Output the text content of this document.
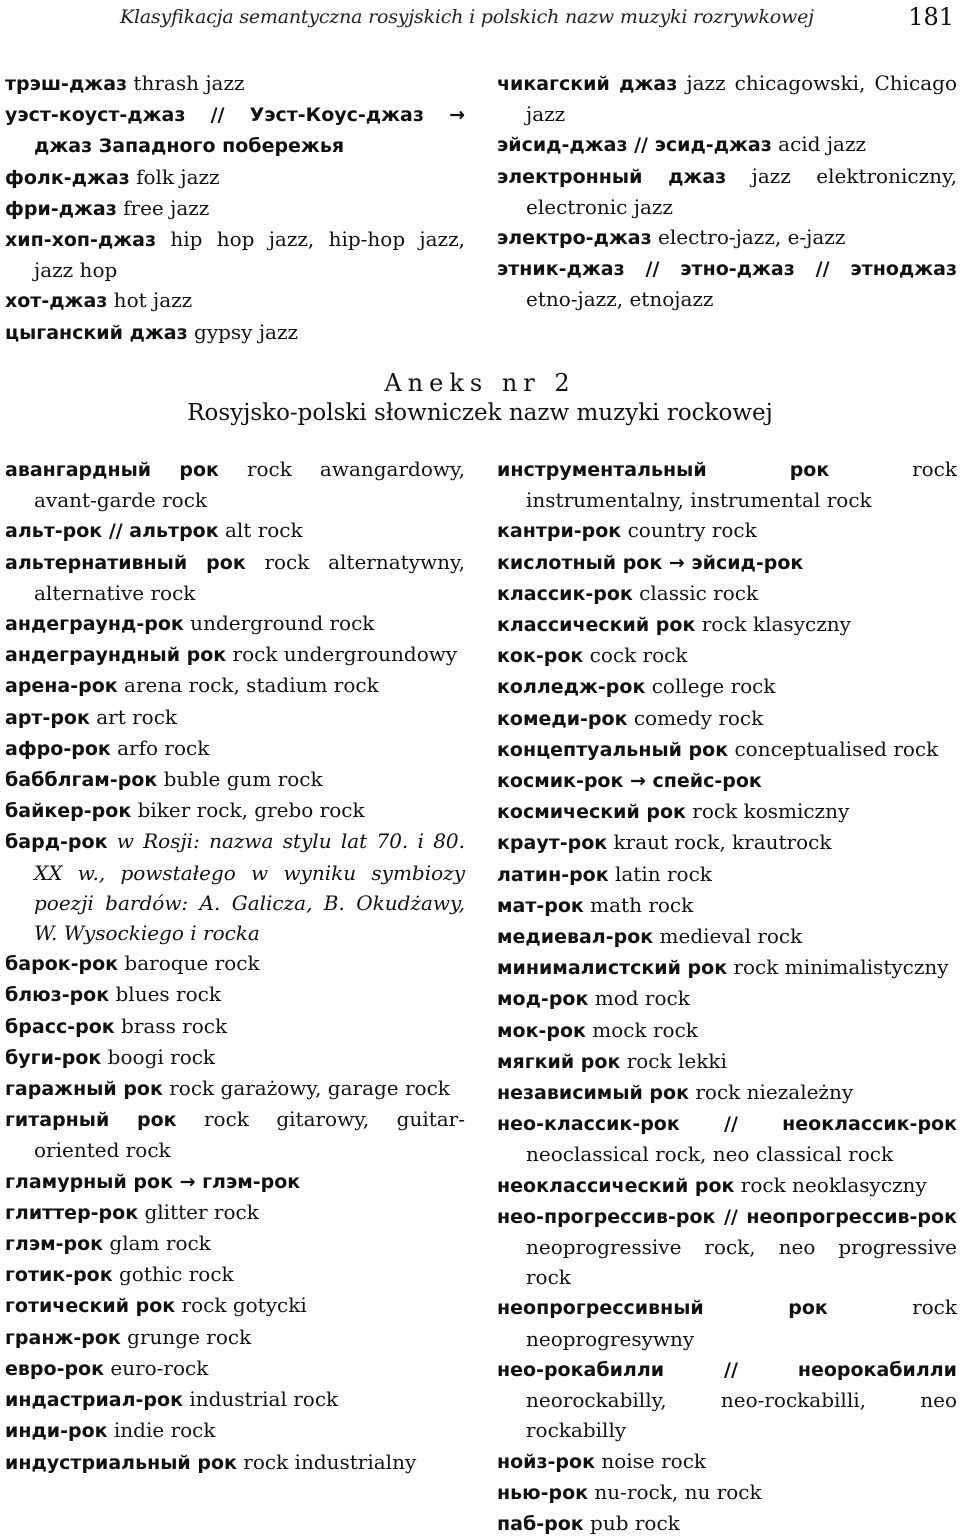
Klasyfikacja semantyczna rosyjskich i polskich nazw muzyki rozrywkowej	181
трэш-джаз thrash jazz
уэст-коуст-джаз // Уэст-Коус-джаз → джаз Западного побережья
фолк-джаз folk jazz
фри-джаз free jazz
хип-хоп-джаз hip hop jazz, hip-hop jazz, jazz hop
хот-джаз hot jazz
цыганский джаз gypsy jazz
чикагский джаз jazz chicagowski, Chicago jazz
эйсид-джаз // эсид-джаз acid jazz
электронный джаз jazz elektroniczny, electronic jazz
электро-джаз electro-jazz, e-jazz
этник-джаз // этно-джаз // этноджаз etno-jazz, etnojazz
Aneks nr 2
Rosyjsko-polski słowniczek nazw muzyki rockowej
авангардный рок rock awangardowy, avant-garde rock
альт-рок // альтрок alt rock
альтернативный рок rock alternatywny, alternative rock
андеграунд-рок underground rock
андеграундный рок rock undergroundowy
арена-рок arena rock, stadium rock
арт-рок art rock
афро-рок arfo rock
бабблгам-рок buble gum rock
байкер-рок biker rock, grebo rock
бард-рок w Rosji: nazwa stylu lat 70. i 80. XX w., powstałego w wyniku symbiozy poezji bardów: A. Galicza, B. Okudżawy, W. Wysockiego i rocka
барок-рок baroque rock
блюз-рок blues rock
брасс-рок brass rock
буги-рок boogi rock
гаражный рок rock garażowy, garage rock
гитарный рок rock gitarowy, guitar-oriented rock
гламурный рок → глэм-рок
глиттер-рок glitter rock
глэм-рок glam rock
готик-рок gothic rock
готический рок rock gotycki
гранж-рок grunge rock
евро-рок euro-rock
индастриал-рок industrial rock
инди-рок indie rock
индустриальный рок rock industrialny
инструментальный рок rock instrumentalny, instrumental rock
кантри-рок country rock
кислотный рок → эйсид-рок
классик-рок classic rock
классический рок rock klasyczny
кок-рок cock rock
колледж-рок college rock
комеди-рок comedy rock
концептуальный рок conceptualised rock
космик-рок → спейс-рок
космический рок rock kosmiczny
краут-рок kraut rock, krautrock
латин-рок latin rock
мат-рок math rock
медиевал-рок medieval rock
минималистский рок rock minimalistyczny
мод-рок mod rock
мок-рок mock rock
мягкий рок rock lekki
независимый рок rock niezależny
нео-классик-рок // неоклассик-рок neoclassical rock, neo classical rock
неоклассический рок rock neoklasyczny
нео-прогрессив-рок // неопрогрессив-рок neoprogressive rock, neo progressive rock
неопрогрессивный рок rock neoprogresywny
нео-рокабилли // неорокабилли neorockabilly, neo-rockabilli, neo rockabilly
нойз-рок noise rock
нью-рок nu-rock, nu rock
паб-рок pub rock
